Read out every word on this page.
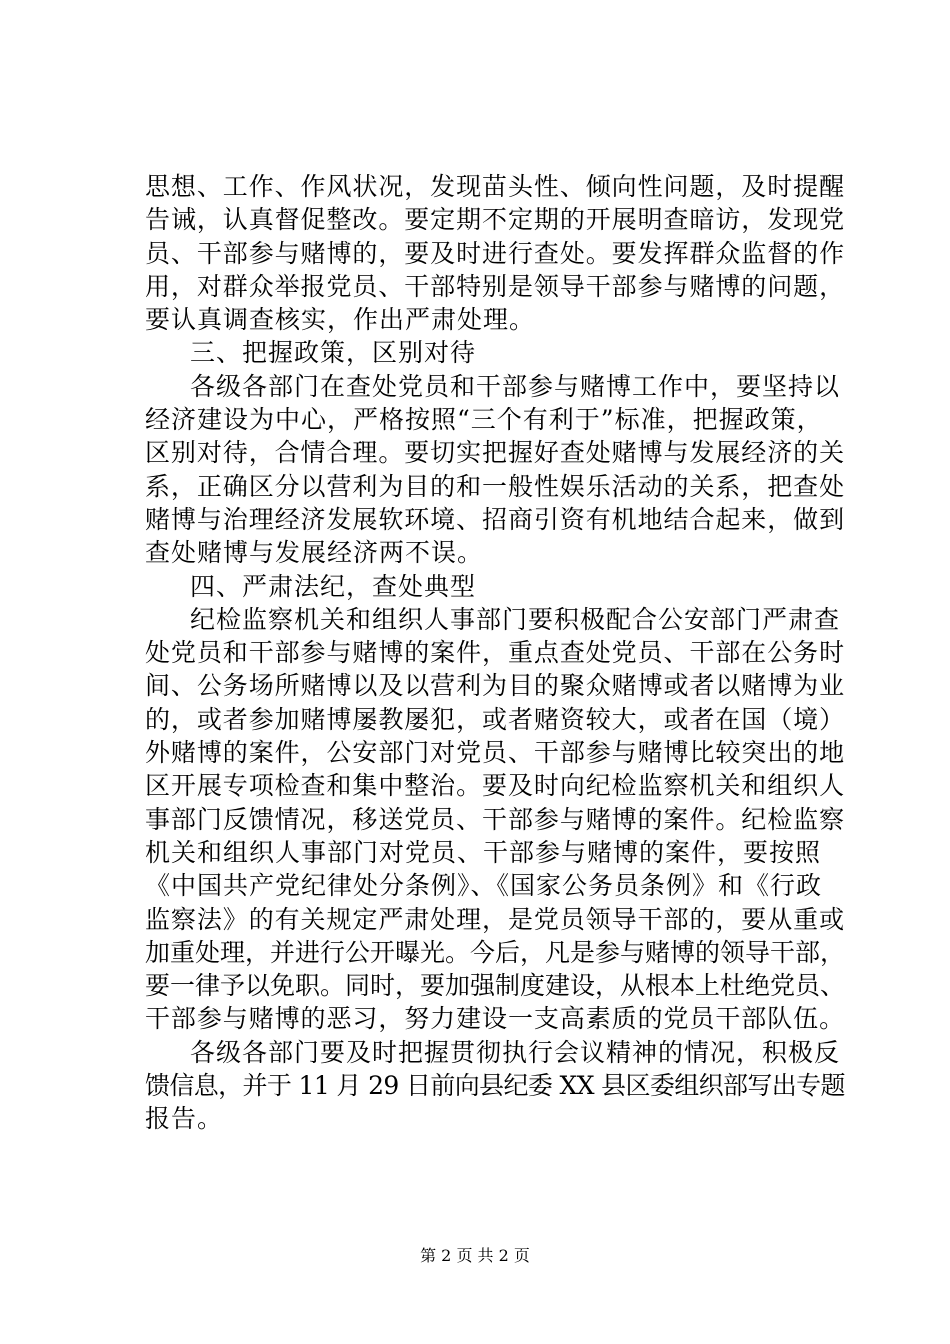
思想、工作、作风状况，发现苗头性、倾向性问题，及时提醒
告诫，认真督促整改。要定期不定期的开展明查暗访，发现党
员、干部参与赌博的，要及时进行查处。要发挥群众监督的作
用，对群众举报党员、干部特别是领导干部参与赌博的问题，
要认真调查核实，作出严肃处理。
三、把握政策，区别对待
各级各部门在查处党员和干部参与赌博工作中，要坚持以
经济建设为中心，严格按照“三个有利于”标准，把握政策，
区别对待，合情合理。要切实把握好查处赌博与发展经济的关
系，正确区分以营利为目的和一般性娱乐活动的关系，把查处
赌博与治理经济发展软环境、招商引资有机地结合起来，做到
查处赌博与发展经济两不误。
四、严肃法纪，查处典型
纪检监察机关和组织人事部门要积极配合公安部门严肃查
处党员和干部参与赌博的案件，重点查处党员、干部在公务时
间、公务场所赌博以及以营利为目的聚众赌博或者以赌博为业
的，或者参加赌博屡教屡犯，或者赌资较大，或者在国（境）
外赌博的案件，公安部门对党员、干部参与赌博比较突出的地
区开展专项检查和集中整治。要及时向纪检监察机关和组织人
事部门反馈情况，移送党员、干部参与赌博的案件。纪检监察
机关和组织人事部门对党员、干部参与赌博的案件，要按照
《中国共产党纪律处分条例》、《国家公务员条例》和《行政
监察法》的有关规定严肃处理，是党员领导干部的，要从重或
加重处理，并进行公开曝光。今后，凡是参与赌博的领导干部，
要一律予以免职。同时，要加强制度建设，从根本上杜绝党员、
干部参与赌博的恶习，努力建设一支高素质的党员干部队伍。
各级各部门要及时把握贯彻执行会议精神的情况，积极反
馈信息，并于 11 月 29 日前向县纪委 XX 县区委组织部写出专题
报告。
第 2 页 共 2 页
